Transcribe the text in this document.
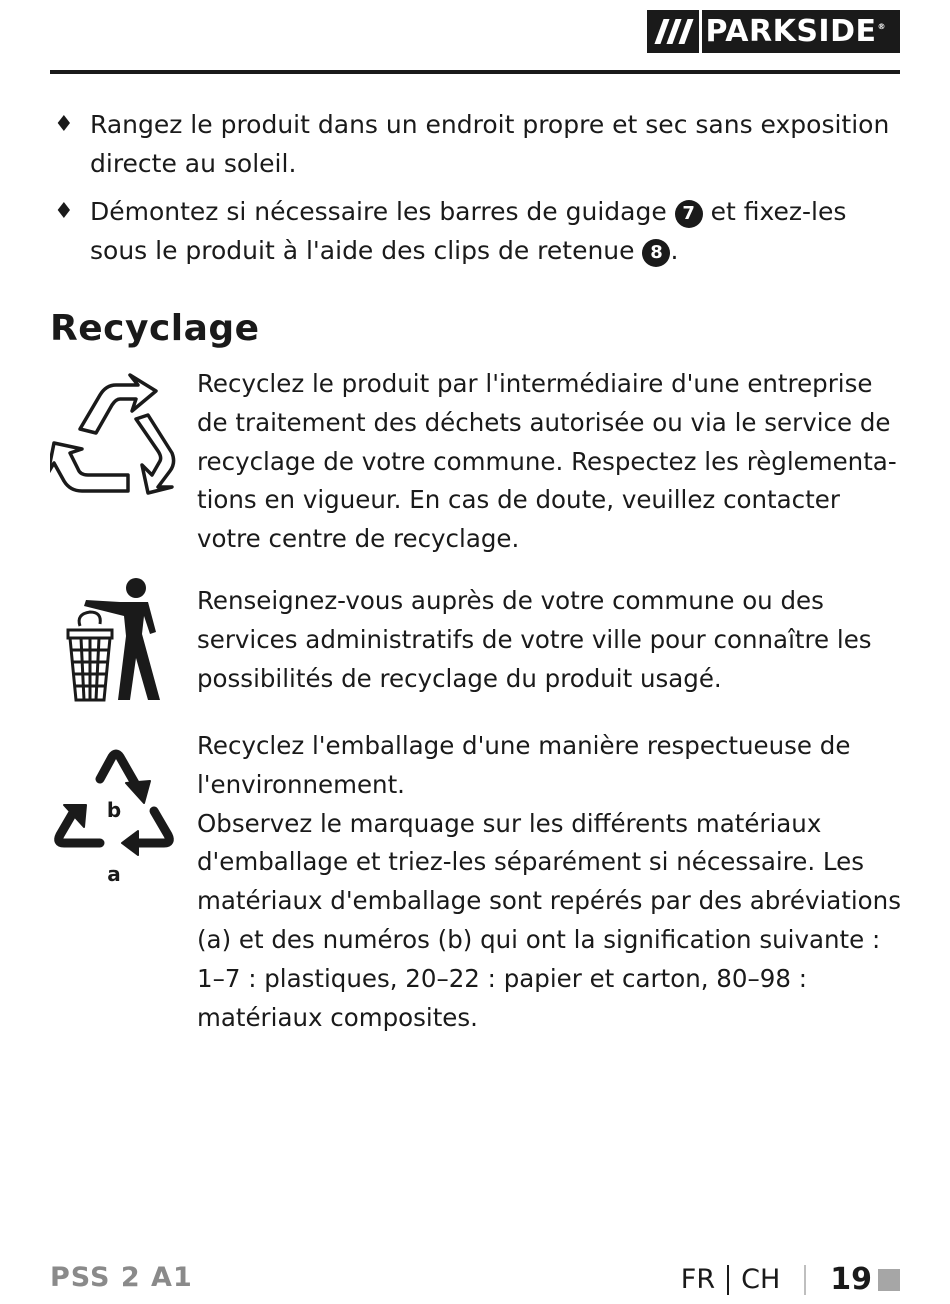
PARKSIDE®
♦ Rangez le produit dans un endroit propre et sec sans exposition directe au soleil.
♦ Démontez si nécessaire les barres de guidage 7 et fixez-les sous le produit à l'aide des clips de retenue 8 .
Recyclage

Recyclez le produit par l'intermédiaire d'une entreprise de traitement des déchets autorisée ou via le service de recyclage de votre commune. Respectez les règlementa-tions en vigueur. En cas de doute, veuillez contacter votre centre de recyclage.

Renseignez-vous auprès de votre commune ou des services administratifs de votre ville pour connaître les possibilités de recyclage du produit usagé.

b
a

Recyclez l'emballage d'une manière respectueuse de l'environnement.

Observez le marquage sur les différents matériaux d'emballage et triez-les séparément si nécessaire. Les matériaux d'emballage sont repérés par des abréviations (a) et des numéros (b) qui ont la signification suivante : 1–7 : plastiques, 20–22 : papier et carton, 80–98 : matériaux composites.

PSS 2 A1	FR CH 19
